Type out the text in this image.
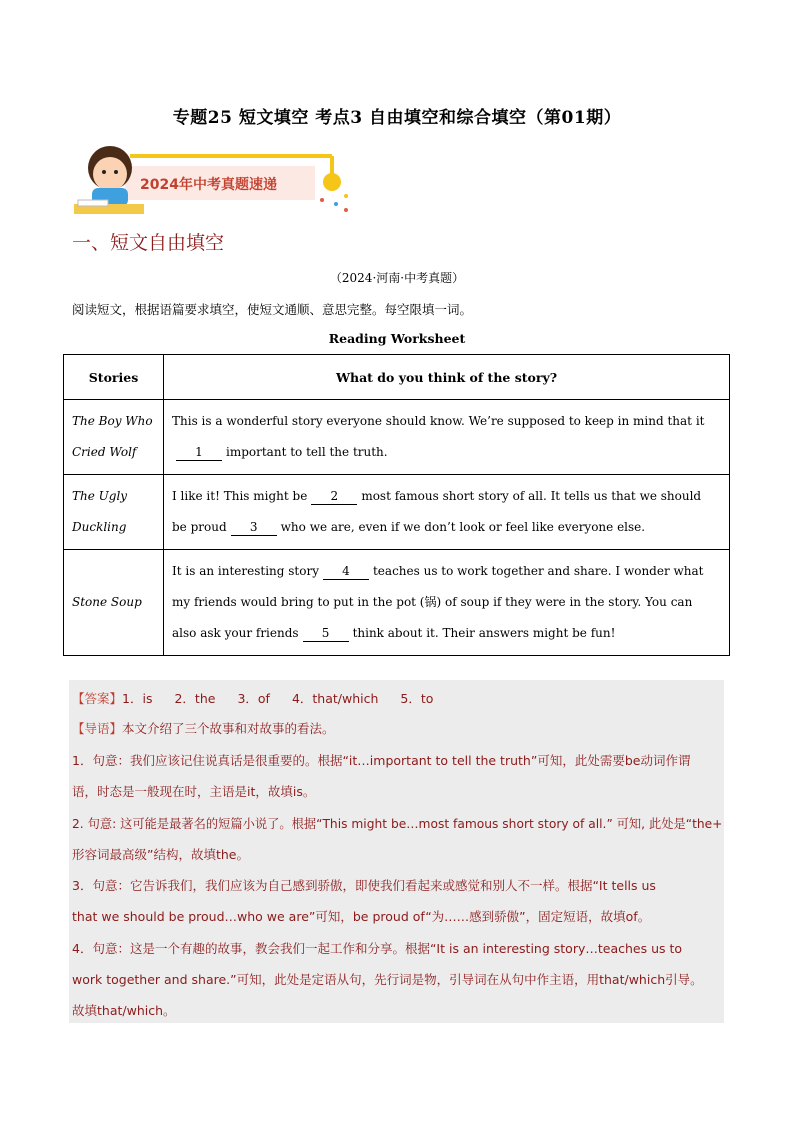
专题25 短文填空 考点3 自由填空和综合填空（第01期）
2024年中考真题速递
一、短文自由填空
（2024·河南·中考真题）
阅读短文，根据语篇要求填空，使短文通顺、意思完整。每空限填一词。
Reading Worksheet
Stories	What do you think of the story?
The Boy Who
Cried Wolf	This is a wonderful story everyone should know. We’re supposed to keep in mind that it1 important to tell the truth.
The Ugly
Duckling	I like it! This might be 2 most famous short story of all. It tells us that we should be proud 3 who we are, even if we don’t look or feel like everyone else.
Stone Soup	It is an interesting story 4 teaches us to work together and share. I wonder what my friends would bring to put in the pot (锅) of soup if they were in the story. You can also ask your friends 5 think about it. Their answers might be fun!
【答案】1．is 2．the 3．of 4．that/which 5．to
【导语】本文介绍了三个故事和对故事的看法。
1．句意：我们应该记住说真话是很重要的。根据“it…important to tell the truth”可知，此处需要be动词作谓
语，时态是一般现在时，主语是it，故填is。
2. 句意: 这可能是最著名的短篇小说了。根据“This might be…most famous short story of all.” 可知, 此处是“the+
形容词最高级”结构，故填the。
3．句意：它告诉我们，我们应该为自己感到骄傲，即使我们看起来或感觉和别人不一样。根据“It tells us
that we should be proud…who we are”可知，be proud of“为……感到骄傲”，固定短语，故填of。
4．句意：这是一个有趣的故事，教会我们一起工作和分享。根据“It is an interesting story…teaches us to
work together and share.”可知，此处是定语从句，先行词是物，引导词在从句中作主语，用that/which引导。
故填that/which。
